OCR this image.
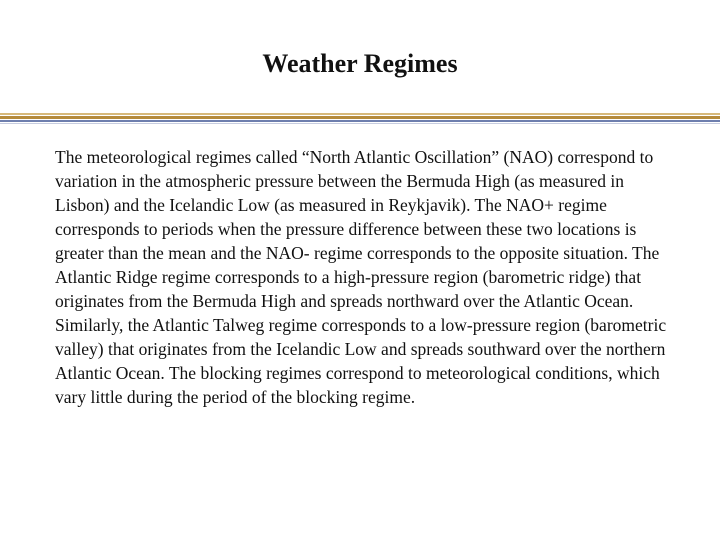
Weather Regimes

The meteorological regimes called “North Atlantic Oscillation” (NAO) correspond to variation in the atmospheric pressure between the Bermuda High (as measured in Lisbon) and the Icelandic Low (as measured in Reykjavik). The NAO+ regime corresponds to periods when the pressure difference between these two locations is greater than the mean and the NAO- regime corresponds to the opposite situation. The Atlantic Ridge regime corresponds to a high-pressure region (barometric ridge) that originates from the Bermuda High and spreads northward over the Atlantic Ocean. Similarly, the Atlantic Talweg regime corresponds to a low-pressure region (barometric valley) that originates from the Icelandic Low and spreads southward over the northern Atlantic Ocean. The blocking regimes correspond to meteorological conditions, which vary little during the period of the blocking regime.
